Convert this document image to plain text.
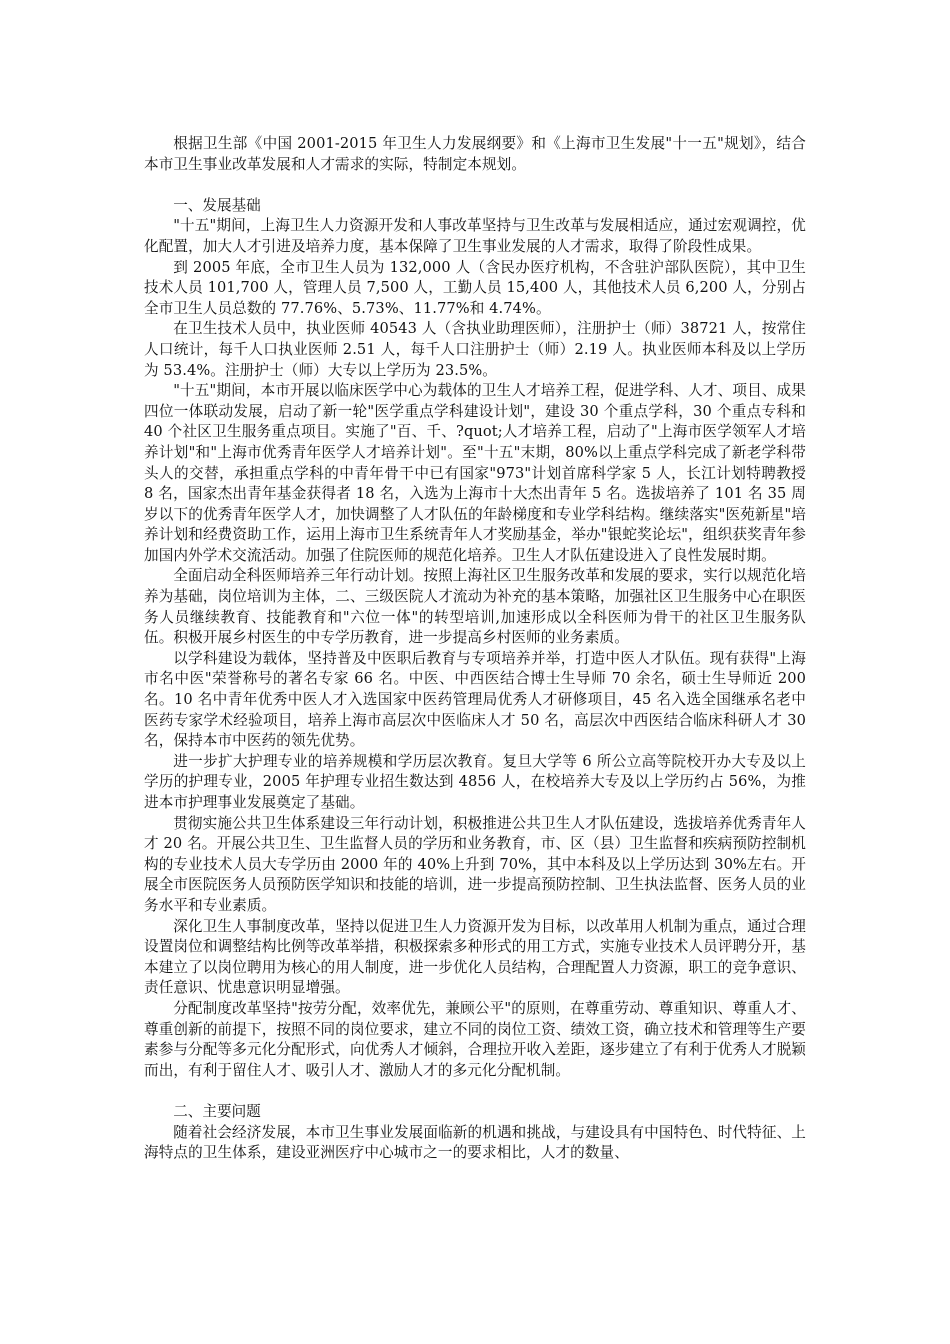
根据卫生部《中国 2001-2015 年卫生人力发展纲要》和《上海市卫生发展"十一五"规划》，结合本市卫生事业改革发展和人才需求的实际，特制定本规划。

一、发展基础

"十五"期间，上海卫生人力资源开发和人事改革坚持与卫生改革与发展相适应，通过宏观调控，优化配置，加大人才引进及培养力度，基本保障了卫生事业发展的人才需求，取得了阶段性成果。

到 2005 年底，全市卫生人员为 132,000 人（含民办医疗机构，不含驻沪部队医院），其中卫生技术人员 101,700 人，管理人员 7,500 人，工勤人员 15,400 人，其他技术人员 6,200 人，分别占全市卫生人员总数的 77.76%、5.73%、11.77%和 4.74%。

在卫生技术人员中，执业医师 40543 人（含执业助理医师），注册护士（师）38721 人，按常住人口统计，每千人口执业医师 2.51 人，每千人口注册护士（师）2.19 人。执业医师本科及以上学历为 53.4%。注册护士（师）大专以上学历为 23.5%。

"十五"期间，本市开展以临床医学中心为载体的卫生人才培养工程，促进学科、人才、项目、成果四位一体联动发展，启动了新一轮"医学重点学科建设计划"，建设 30 个重点学科，30 个重点专科和 40 个社区卫生服务重点项目。实施了"百、千、?quot;人才培养工程，启动了"上海市医学领军人才培养计划"和"上海市优秀青年医学人才培养计划"。至"十五"末期，80%以上重点学科完成了新老学科带头人的交替，承担重点学科的中青年骨干中已有国家"973"计划首席科学家 5 人，长江计划特聘教授 8 名，国家杰出青年基金获得者 18 名，入选为上海市十大杰出青年 5 名。选拔培养了 101 名 35 周岁以下的优秀青年医学人才，加快调整了人才队伍的年龄梯度和专业学科结构。继续落实"医苑新星"培养计划和经费资助工作，运用上海市卫生系统青年人才奖励基金，举办"银蛇奖论坛"，组织获奖青年参加国内外学术交流活动。加强了住院医师的规范化培养。卫生人才队伍建设进入了良性发展时期。

全面启动全科医师培养三年行动计划。按照上海社区卫生服务改革和发展的要求，实行以规范化培养为基础，岗位培训为主体，二、三级医院人才流动为补充的基本策略，加强社区卫生服务中心在职医务人员继续教育、技能教育和"六位一体"的转型培训,加速形成以全科医师为骨干的社区卫生服务队伍。积极开展乡村医生的中专学历教育，进一步提高乡村医师的业务素质。

以学科建设为载体，坚持普及中医职后教育与专项培养并举，打造中医人才队伍。现有获得"上海市名中医"荣誉称号的著名专家 66 名。中医、中西医结合博士生导师 70 余名，硕士生导师近 200 名。10 名中青年优秀中医人才入选国家中医药管理局优秀人才研修项目，45 名入选全国继承名老中医药专家学术经验项目，培养上海市高层次中医临床人才 50 名，高层次中西医结合临床科研人才 30 名，保持本市中医药的领先优势。

进一步扩大护理专业的培养规模和学历层次教育。复旦大学等 6 所公立高等院校开办大专及以上学历的护理专业，2005 年护理专业招生数达到 4856 人，在校培养大专及以上学历约占 56%，为推进本市护理事业发展奠定了基础。

贯彻实施公共卫生体系建设三年行动计划，积极推进公共卫生人才队伍建设，选拔培养优秀青年人才 20 名。开展公共卫生、卫生监督人员的学历和业务教育，市、区（县）卫生监督和疾病预防控制机构的专业技术人员大专学历由 2000 年的 40%上升到 70%，其中本科及以上学历达到 30%左右。开展全市医院医务人员预防医学知识和技能的培训，进一步提高预防控制、卫生执法监督、医务人员的业务水平和专业素质。

深化卫生人事制度改革，坚持以促进卫生人力资源开发为目标，以改革用人机制为重点，通过合理设置岗位和调整结构比例等改革举措，积极探索多种形式的用工方式，实施专业技术人员评聘分开，基本建立了以岗位聘用为核心的用人制度，进一步优化人员结构，合理配置人力资源，职工的竞争意识、责任意识、忧患意识明显增强。

分配制度改革坚持"按劳分配，效率优先，兼顾公平"的原则，在尊重劳动、尊重知识、尊重人才、尊重创新的前提下，按照不同的岗位要求，建立不同的岗位工资、绩效工资，确立技术和管理等生产要素参与分配等多元化分配形式，向优秀人才倾斜，合理拉开收入差距，逐步建立了有利于优秀人才脱颖而出，有利于留住人才、吸引人才、激励人才的多元化分配机制。

二、主要问题

随着社会经济发展，本市卫生事业发展面临新的机遇和挑战，与建设具有中国特色、时代特征、上海特点的卫生体系，建设亚洲医疗中心城市之一的要求相比，人才的数量、
